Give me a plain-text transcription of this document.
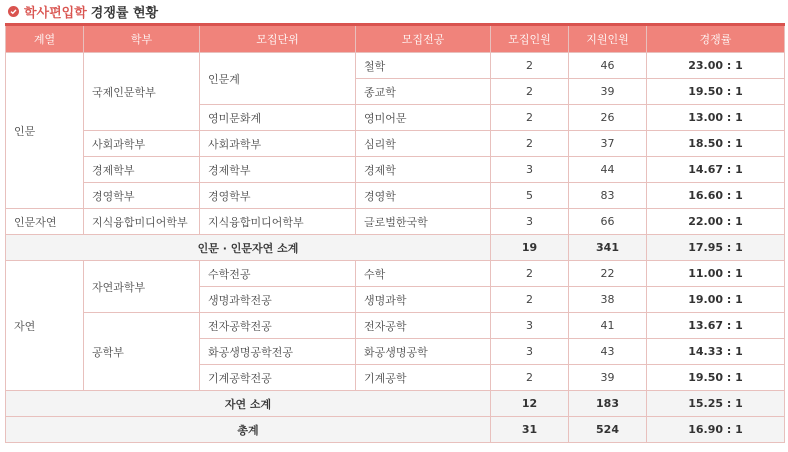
학사편입학 경쟁률 현황
계열	학부	모집단위	모집전공	모집인원	지원인원	경쟁률
인문	국제인문학부	인문계	철학	2	46	23.00 : 1
			종교학	2	39	19.50 : 1
		영미문화계	영미어문	2	26	13.00 : 1
	사회과학부	사회과학부	심리학	2	37	18.50 : 1
	경제학부	경제학부	경제학	3	44	14.67 : 1
	경영학부	경영학부	경영학	5	83	16.60 : 1
인문자연	지식융합미디어학부	지식융합미디어학부	글로벌한국학	3	66	22.00 : 1
인문 · 인문자연 소계				19	341	17.95 : 1
자연	자연과학부	수학전공	수학	2	22	11.00 : 1
		생명과학전공	생명과학	2	38	19.00 : 1
	공학부	전자공학전공	전자공학	3	41	13.67 : 1
		화공생명공학전공	화공생명공학	3	43	14.33 : 1
		기계공학전공	기계공학	2	39	19.50 : 1
자연 소계				12	183	15.25 : 1
총계				31	524	16.90 : 1
